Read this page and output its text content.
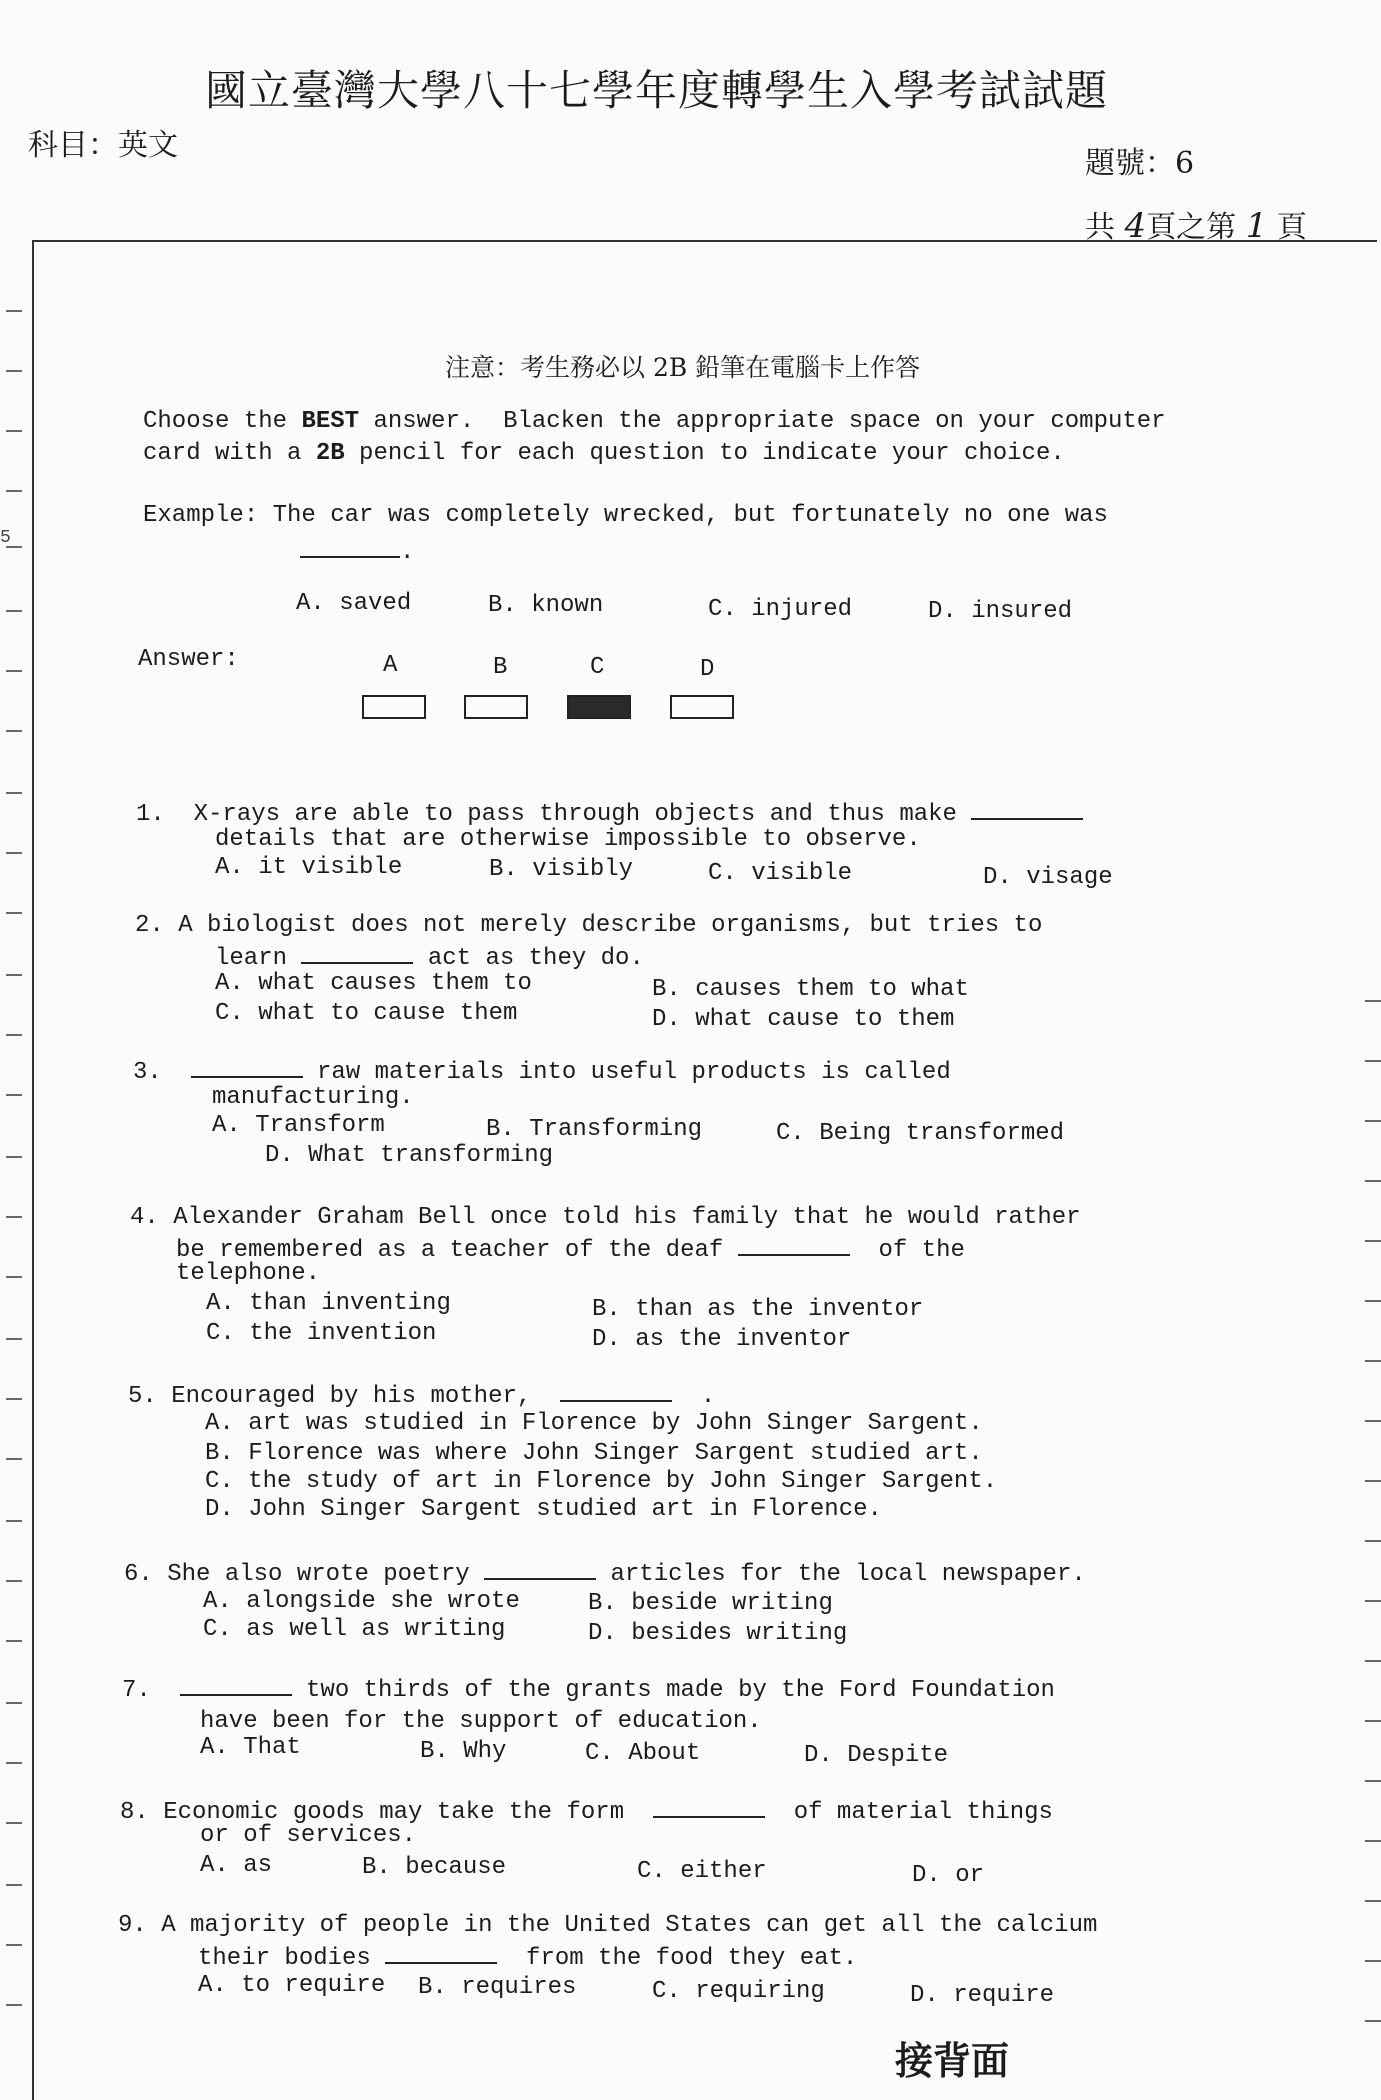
國立臺灣大學八十七學年度轉學生入學考試試題
科目：英文
題號：6
共 4頁之第 1 頁
5
注意：考生務必以 2B 鉛筆在電腦卡上作答
Choose the BEST answer.  Blacken the appropriate space on your computer
card with a 2B pencil for each question to indicate your choice.
Example: The car was completely wrecked, but fortunately no one was
.
A. saved	B. known	C. injured	D. insured
Answer:	A	B	C	D
1. X-rays are able to pass through objects and thus make
details that are otherwise impossible to observe.
A. it visible	B. visibly	C. visible	D. visage
2. A biologist does not merely describe organisms, but tries to
learn	act as they do.
A. what causes them to	B. causes them to what
C. what to cause them	D. what cause to them
3.	raw materials into useful products is called
manufacturing.
A. Transform	B. Transforming	C. Being transformed
D. What transforming
4. Alexander Graham Bell once told his family that he would rather
be remembered as a teacher of the deaf	of the
telephone.
A. than inventing	B. than as the inventor
C. the invention	D. as the inventor
5. Encouraged by his mother,	.
A. art was studied in Florence by John Singer Sargent.
B. Florence was where John Singer Sargent studied art.
C. the study of art in Florence by John Singer Sargent.
D. John Singer Sargent studied art in Florence.
6. She also wrote poetry	articles for the local newspaper.
A. alongside she wrote	B. beside writing
C. as well as writing	D. besides writing
7.	two thirds of the grants made by the Ford Foundation
have been for the support of education.
A. That	B. Why	C. About	D. Despite
8. Economic goods may take the form	of material things
or of services.
A. as	B. because	C. either	D. or
9. A majority of people in the United States can get all the calcium
their bodies	from the food they eat.
A. to require B. requires	C. requiring	D. require
接背面
